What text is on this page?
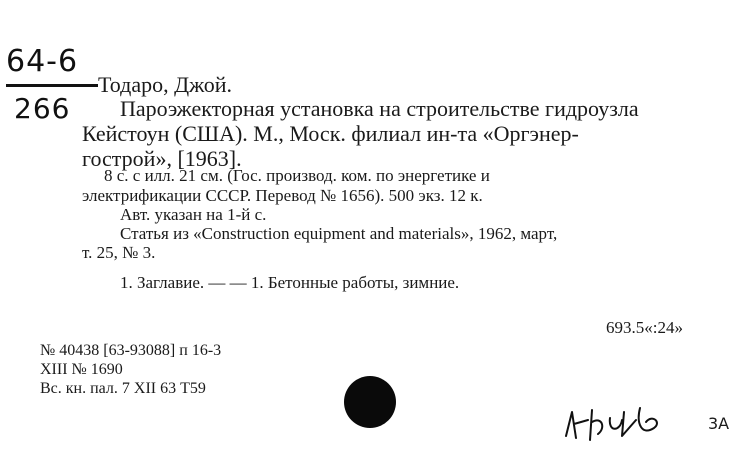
64-6
266
Тодаро, Джой.
Пароэжекторная установка на строительстве гидроузла
Кейстоун (США). М., Моск. филиал ин-та «Оргэнер-
гострой», [1963].
8 с. с илл. 21 см. (Гос. производ. ком. по энергетике и
электрификации СССР. Перевод № 1656). 500 экз. 12 к.
Авт. указан на 1-й с.
Статья из «Construction equipment and materials», 1962, март,
т. 25, № 3.
1. Заглавие. — — 1. Бетонные работы, зимние.
693.5«:24»
№ 40438 [63-93088] п 16-3
XIII № 1690
Вс. кн. пал. 7 XII 63 Т59
3А
